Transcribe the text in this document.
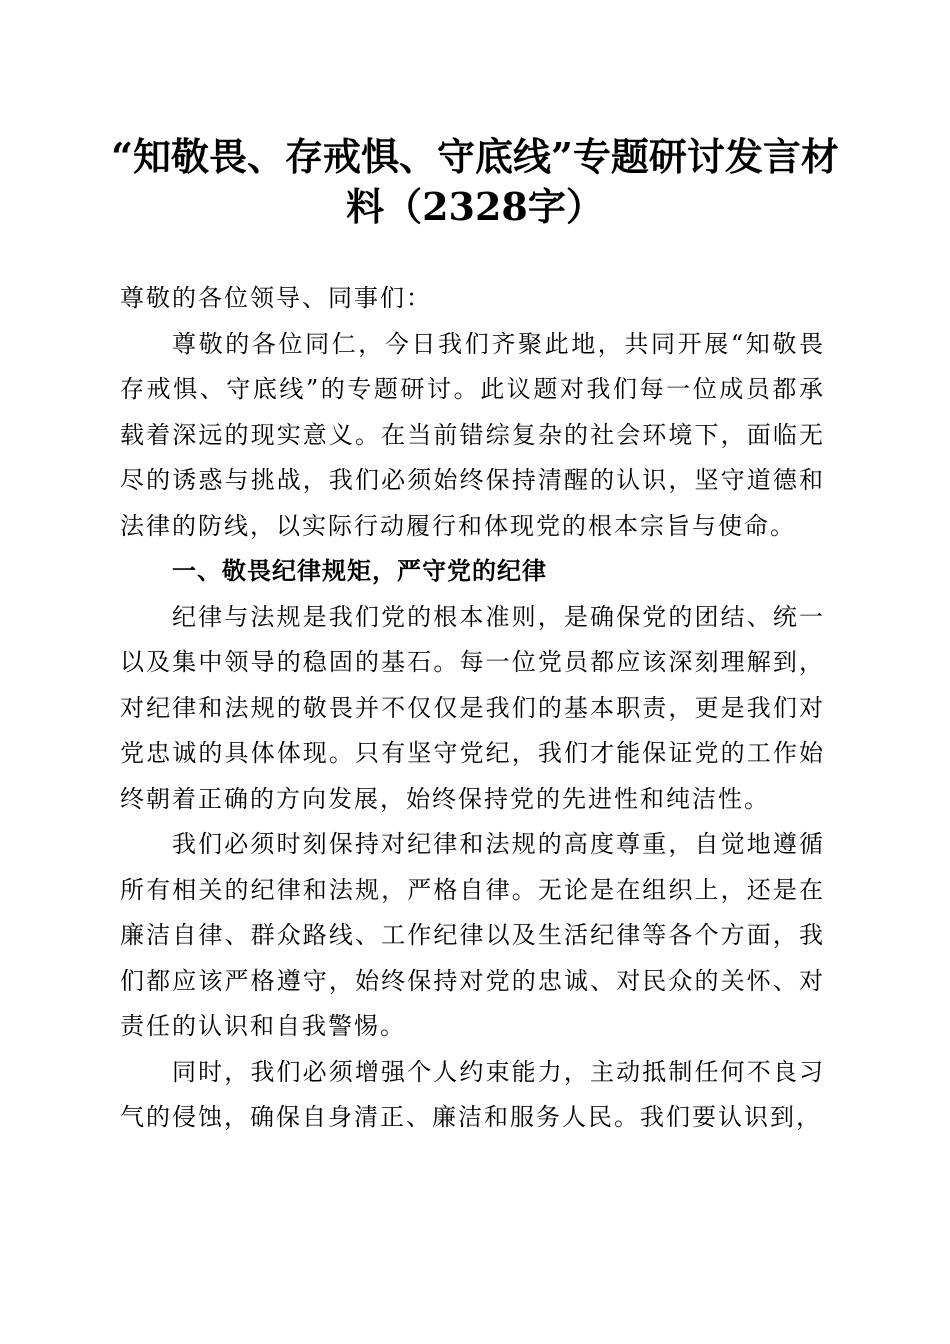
“知敬畏、存戒惧、守底线”专题研讨发言材
料（2328字）

尊敬的各位领导、同事们：

尊敬的各位同仁，今日我们齐聚此地，共同开展“知敬畏存戒惧、守底线”的专题研讨。此议题对我们每一位成员都承载着深远的现实意义。在当前错综复杂的社会环境下，面临无尽的诱惑与挑战，我们必须始终保持清醒的认识，坚守道德和法律的防线，以实际行动履行和体现党的根本宗旨与使命。

一、敬畏纪律规矩，严守党的纪律

纪律与法规是我们党的根本准则，是确保党的团结、统一以及集中领导的稳固的基石。每一位党员都应该深刻理解到，对纪律和法规的敬畏并不仅仅是我们的基本职责，更是我们对党忠诚的具体体现。只有坚守党纪，我们才能保证党的工作始终朝着正确的方向发展，始终保持党的先进性和纯洁性。

我们必须时刻保持对纪律和法规的高度尊重，自觉地遵循所有相关的纪律和法规，严格自律。无论是在组织上，还是在廉洁自律、群众路线、工作纪律以及生活纪律等各个方面，我们都应该严格遵守，始终保持对党的忠诚、对民众的关怀、对责任的认识和自我警惕。

同时，我们必须增强个人约束能力，主动抵制任何不良习气的侵蚀，确保自身清正、廉洁和服务人民。我们要认识到，
